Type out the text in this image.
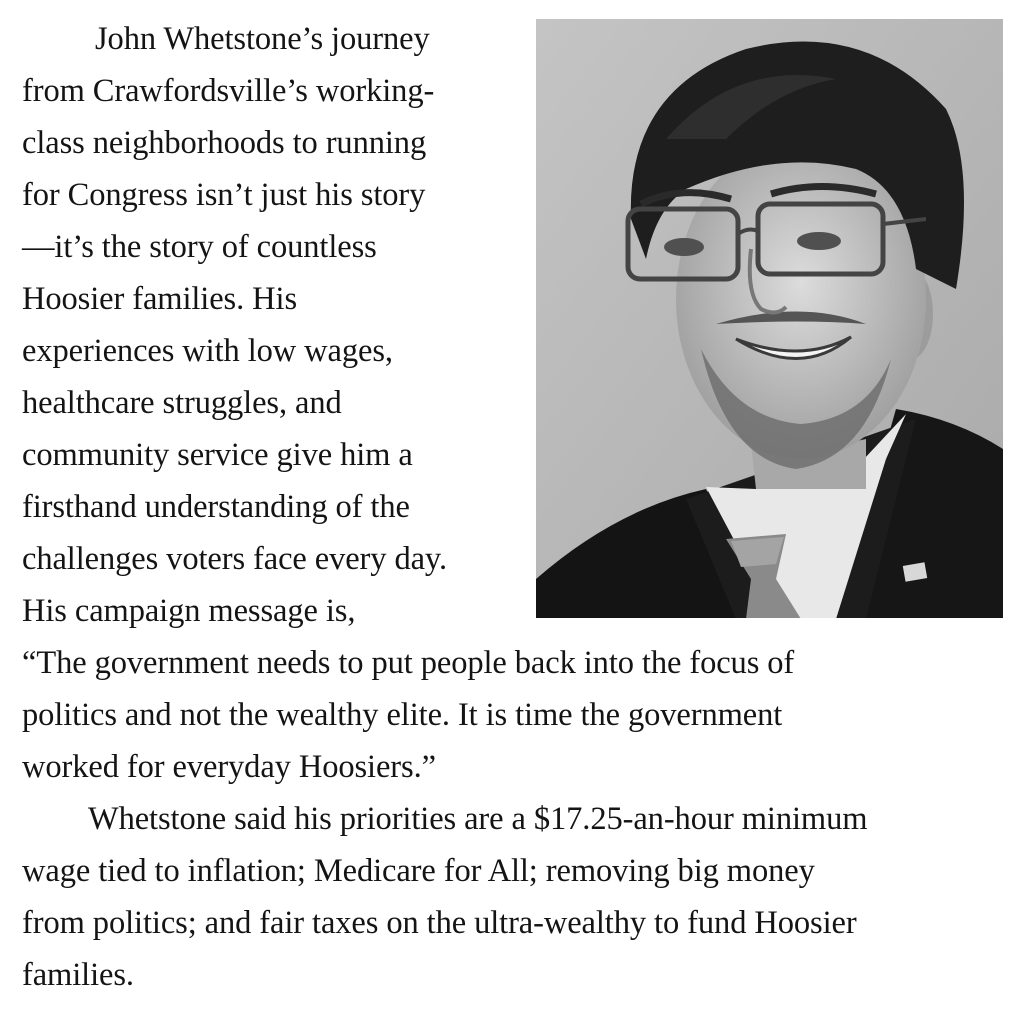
John Whetstone’s journey
from Crawfordsville’s working-
class neighborhoods to running
for Congress isn’t just his story
—it’s the story of countless
Hoosier families. His
experiences with low wages,
healthcare struggles, and
community service give him a
firsthand understanding of the
challenges voters face every day.
His campaign message is,
“The government needs to put people back into the focus of
politics and not the wealthy elite. It is time the government
worked for everyday Hoosiers.”
Whetstone said his priorities are a $17.25-an-hour minimum
wage tied to inflation; Medicare for All; removing big money
from politics; and fair taxes on the ultra-wealthy to fund Hoosier
families.
